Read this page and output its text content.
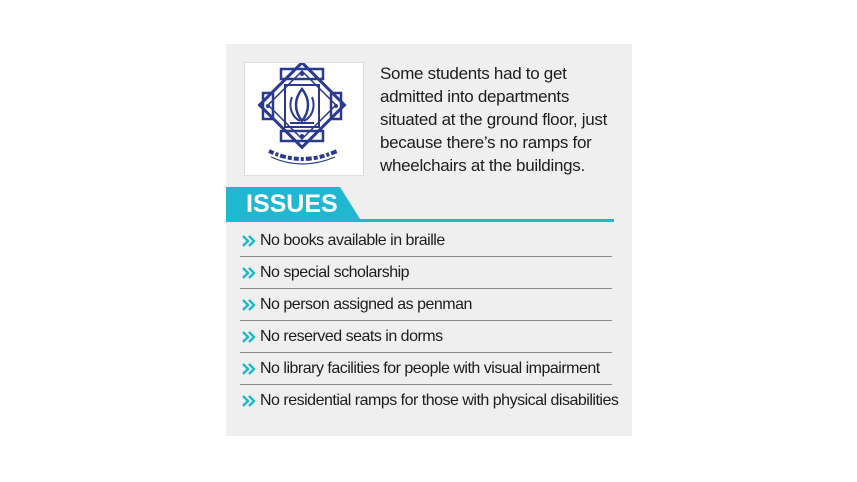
Some students had to get admitted into departments situated at the ground floor, just because there’s no ramps for wheelchairs at the buildings.
ISSUES
No books available in braille
No special scholarship
No person assigned as penman
No reserved seats in dorms
No library facilities for people with visual impairment
No residential ramps for those with physical disabilities
